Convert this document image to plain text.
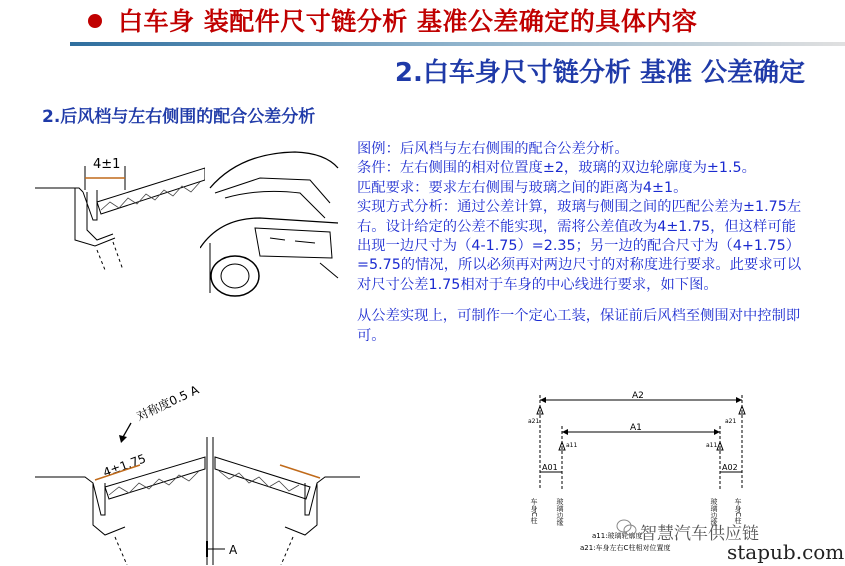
白车身 装配件尺寸链分析 基准公差确定的具体内容
2.白车身尺寸链分析 基准 公差确定
2.后风档与左右侧围的配合公差分析
4±1

图例：后风档与左右侧围的配合公差分析。

条件：左右侧围的相对位置度±2，玻璃的双边轮廓度为±1.5。

匹配要求：要求左右侧围与玻璃之间的距离为4±1。

实现方式分析：通过公差计算，玻璃与侧围之间的匹配公差为±1.75左右。设计给定的公差不能实现，需将公差值改为4±1.75，但这样可能出现一边尺寸为（4-1.75）=2.35；另一边的配合尺寸为（4+1.75）=5.75的情况，所以必须再对两边尺寸的对称度进行要求。此要求可以对尺寸公差1.75相对于车身的中心线进行要求，如下图。

从公差实现上，可制作一个定心工装，保证前后风档至侧围对中控制即可。

对称度0.5 A
4±1.75
A
A2
A1
A01	A02
a21	a21
a11	a11
车身C柱	玻璃边缘	玻璃边缘 车身C柱
a11:玻璃轮廓度
a21:车身左右C柱相对位置度
智慧汽车供应链
stapub.com
